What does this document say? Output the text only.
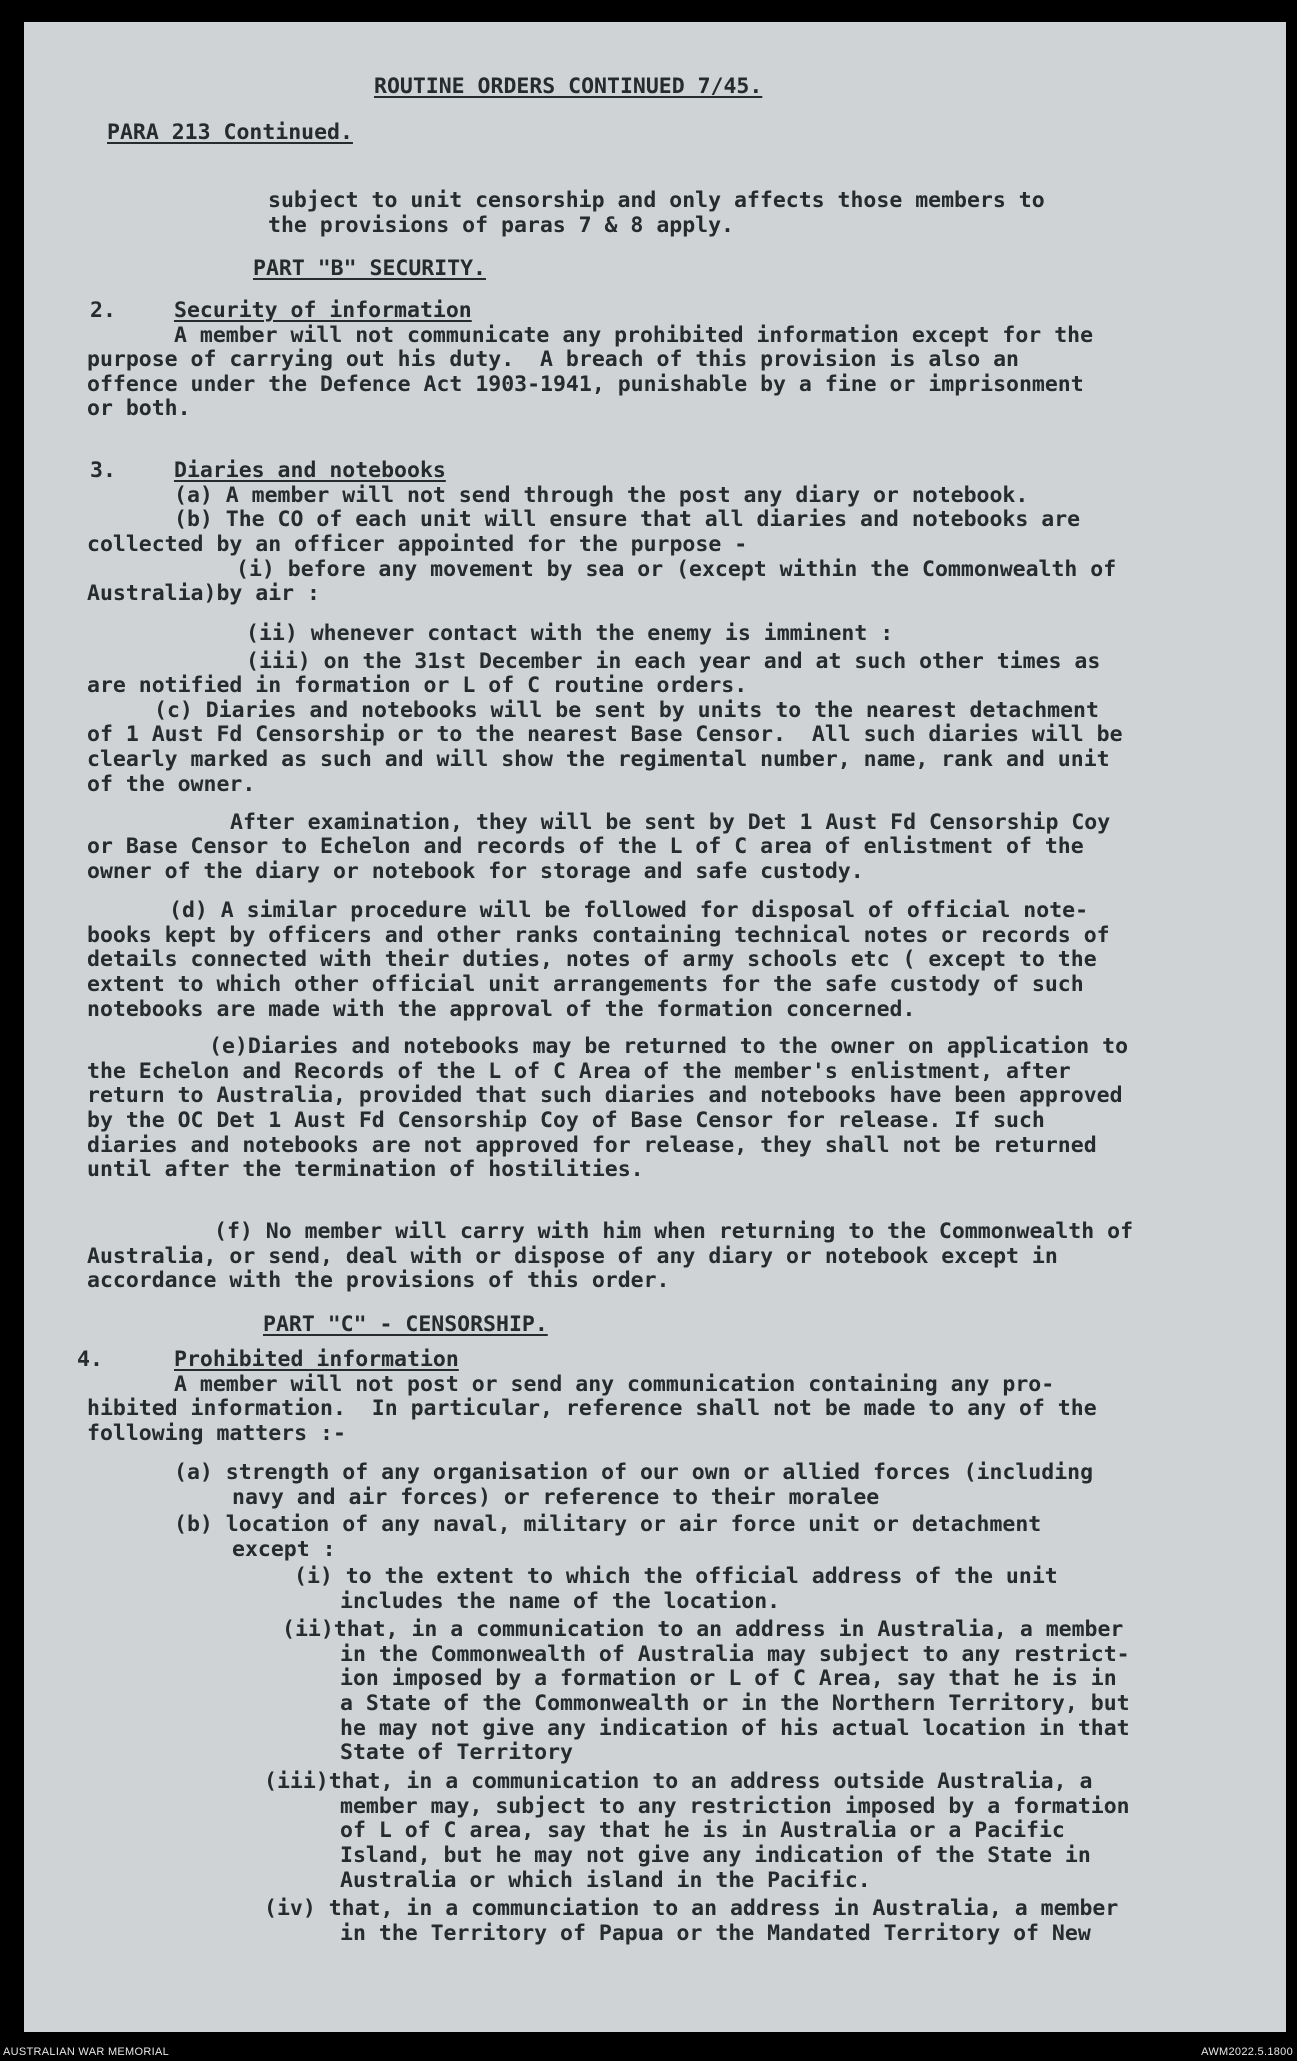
ROUTINE ORDERS CONTINUED 7/45.
PARA 213 Continued.
subject to unit censorship and only affects those members to
the provisions of paras 7 & 8 apply.
PART "B" SECURITY.
2.	Security of information
A member will not communicate any prohibited information except for the
purpose of carrying out his duty.  A breach of this provision is also an
offence under the Defence Act 1903-1941, punishable by a fine or imprisonment
or both.
3.	Diaries and notebooks
(a) A member will not send through the post any diary or notebook.
(b) The CO of each unit will ensure that all diaries and notebooks are
collected by an officer appointed for the purpose -
(i) before any movement by sea or (except within the Commonwealth of
Australia)by air :
(ii) whenever contact with the enemy is imminent :
(iii) on the 31st December in each year and at such other times as
are notified in formation or L of C routine orders.
(c) Diaries and notebooks will be sent by units to the nearest detachment
of 1 Aust Fd Censorship or to the nearest Base Censor.  All such diaries will be
clearly marked as such and will show the regimental number, name, rank and unit
of the owner.
After examination, they will be sent by Det 1 Aust Fd Censorship Coy
or Base Censor to Echelon and records of the L of C area of enlistment of the
owner of the diary or notebook for storage and safe custody.
(d) A similar procedure will be followed for disposal of official note-
books kept by officers and other ranks containing technical notes or records of
details connected with their duties, notes of army schools etc ( except to the
extent to which other official unit arrangements for the safe custody of such
notebooks are made with the approval of the formation concerned.
(e)Diaries and notebooks may be returned to the owner on application to
the Echelon and Records of the L of C Area of the member's enlistment, after
return to Australia, provided that such diaries and notebooks have been approved
by the OC Det 1 Aust Fd Censorship Coy of Base Censor for release. If such
diaries and notebooks are not approved for release, they shall not be returned
until after the termination of hostilities.
(f) No member will carry with him when returning to the Commonwealth of
Australia, or send, deal with or dispose of any diary or notebook except in
accordance with the provisions of this order.
PART "C" - CENSORSHIP.
4.	Prohibited information
A member will not post or send any communication containing any pro-
hibited information.  In particular, reference shall not be made to any of the
following matters :-
(a) strength of any organisation of our own or allied forces (including
navy and air forces) or reference to their moralee
(b) location of any naval, military or air force unit or detachment
except :
(i) to the extent to which the official address of the unit
includes the name of the location.
(ii)that, in a communication to an address in Australia, a member
in the Commonwealth of Australia may subject to any restrict-
ion imposed by a formation or L of C Area, say that he is in
a State of the Commonwealth or in the Northern Territory, but
he may not give any indication of his actual location in that
State of Territory
(iii)that, in a communication to an address outside Australia, a
member may, subject to any restriction imposed by a formation
of L of C area, say that he is in Australia or a Pacific
Island, but he may not give any indication of the State in
Australia or which island in the Pacific.
(iv) that, in a communciation to an address in Australia, a member
in the Territory of Papua or the Mandated Territory of New
AUSTRALIAN WAR MEMORIAL	AWM2022.5.1800
